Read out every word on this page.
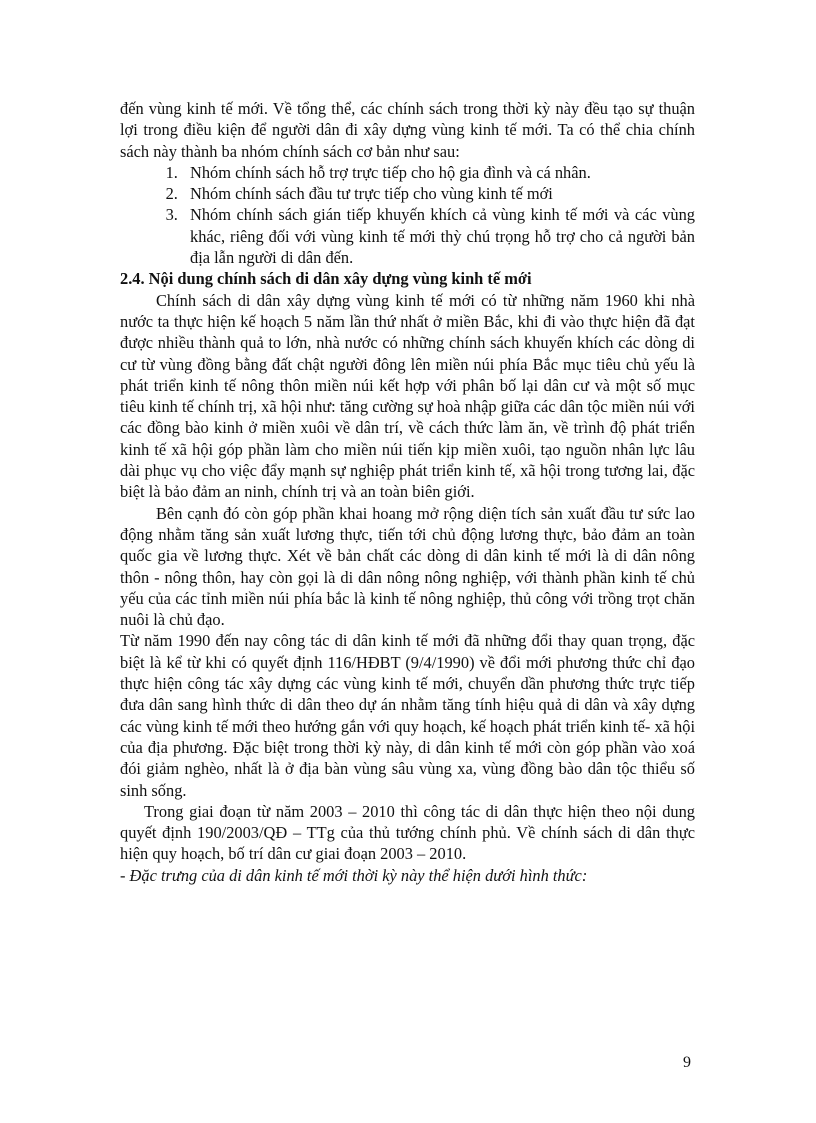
đến vùng kinh tế mới. Về tổng thể, các chính sách trong thời kỳ này đều tạo sự thuận lợi trong điều kiện để người dân đi xây dựng vùng kinh tế mới. Ta có thể chia chính sách này thành ba nhóm chính sách cơ bản như sau:

1. Nhóm chính sách hỗ trợ trực tiếp cho hộ gia đình và cá nhân.
2. Nhóm chính sách đầu tư trực tiếp cho vùng kinh tế mới
3. Nhóm chính sách gián tiếp khuyến khích cả vùng kinh tế mới và các vùng khác, riêng đối với vùng kinh tế mới thỳ chú trọng hỗ trợ cho cả người bản địa lẫn người di dân đến.

2.4. Nội dung chính sách di dân xây dựng vùng kinh tế mới

Chính sách di dân xây dựng vùng kinh tế mới có từ những năm 1960 khi nhà nước ta thực hiện kế hoạch 5 năm lần thứ nhất ở miền Bắc, khi đi vào thực hiện đã đạt được nhiều thành quả to lớn, nhà nước có những chính sách khuyến khích các dòng di cư từ vùng đồng bằng đất chật người đông lên miền núi phía Bắc mục tiêu chủ yếu là phát triển kinh tế nông thôn miền núi kết hợp với phân bố lại dân cư và một số mục tiêu kinh tế chính trị, xã hội như: tăng cường sự hoà nhập giữa các dân tộc miền núi với các đồng bào kinh ở miền xuôi về dân trí, về cách thức làm ăn, về trình độ phát triển kinh tế xã hội góp phần làm cho miền núi tiến kịp miền xuôi, tạo nguồn nhân lực lâu dài phục vụ cho việc đẩy mạnh sự nghiệp phát triển kinh tế, xã hội trong tương lai, đặc biệt là bảo đảm an ninh, chính trị và an toàn biên giới.

Bên cạnh đó còn góp phần khai hoang mở rộng diện tích sản xuất đầu tư sức lao động nhằm tăng sản xuất lương thực, tiến tới chủ động lương thực, bảo đảm an toàn quốc gia về lương thực. Xét về bản chất các dòng di dân kinh tế mới là di dân nông thôn - nông thôn, hay còn gọi là di dân nông nông nghiệp, với thành phần kinh tế chủ yếu của các tỉnh miền núi phía bắc là kinh tế nông nghiệp, thủ công với trồng trọt chăn nuôi là chủ đạo.

Từ năm 1990 đến nay công tác di dân kinh tế mới đã những đổi thay quan trọng, đặc biệt là kể từ khi có quyết định 116/HĐBT (9/4/1990) về đổi mới phương thức chỉ đạo thực hiện công tác xây dựng các vùng kinh tế mới, chuyển dần phương thức trực tiếp đưa dân sang hình thức di dân theo dự án nhằm tăng tính hiệu quả di dân và xây dựng các vùng kinh tế mới theo hướng gắn với quy hoạch, kế hoạch phát triển kinh tế- xã hội của địa phương. Đặc biệt trong thời kỳ này, di dân kinh tế mới còn góp phần vào xoá đói giảm nghèo, nhất là ở địa bàn vùng sâu vùng xa, vùng đồng bào dân tộc thiểu số sinh sống.

Trong giai đoạn từ năm 2003 – 2010 thì công tác di dân thực hiện theo nội dung quyết định 190/2003/QĐ – TTg của thủ tướng chính phủ. Về chính sách di dân thực hiện quy hoạch, bố trí dân cư giai đoạn 2003 – 2010.

- Đặc trưng của di dân kinh tế mới thời kỳ này thể hiện dưới hình thức:

9
